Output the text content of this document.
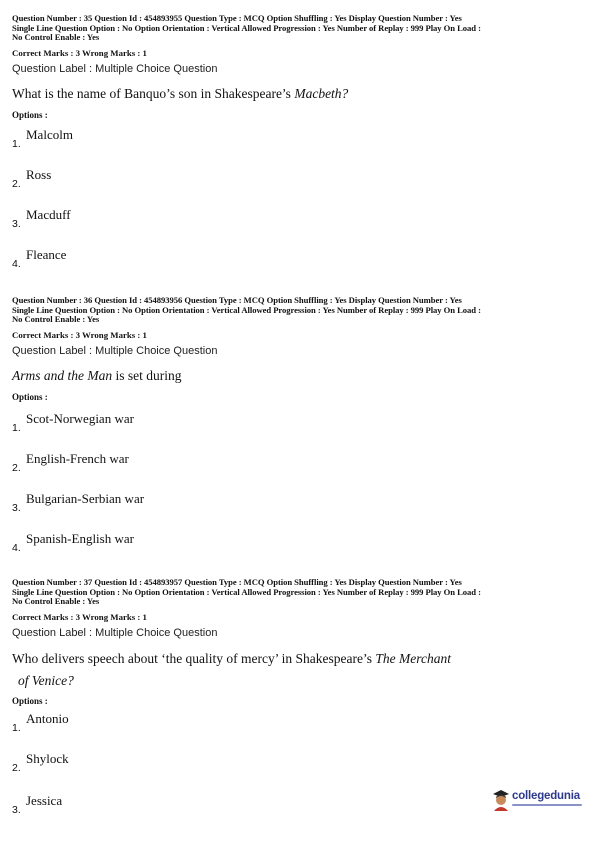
Question Number : 35 Question Id : 454893955 Question Type : MCQ Option Shuffling : Yes Display Question Number : Yes
Single Line Question Option : No Option Orientation : Vertical Allowed Progression : Yes Number of Replay : 999 Play On Load :
No Control Enable : Yes
Correct Marks : 3 Wrong Marks : 1
Question Label : Multiple Choice Question
What is the name of Banquo’s son in Shakespeare’s Macbeth?
Options :
1.
Malcolm
2.
Ross
3.
Macduff
4.
Fleance
Question Number : 36 Question Id : 454893956 Question Type : MCQ Option Shuffling : Yes Display Question Number : Yes
Single Line Question Option : No Option Orientation : Vertical Allowed Progression : Yes Number of Replay : 999 Play On Load :
No Control Enable : Yes
Correct Marks : 3 Wrong Marks : 1
Question Label : Multiple Choice Question
Arms and the Man is set during
Options :
1.
Scot-Norwegian war
2.
English-French war
3.
Bulgarian-Serbian war
4.
Spanish-English war
Question Number : 37 Question Id : 454893957 Question Type : MCQ Option Shuffling : Yes Display Question Number : Yes
Single Line Question Option : No Option Orientation : Vertical Allowed Progression : Yes Number of Replay : 999 Play On Load :
No Control Enable : Yes
Correct Marks : 3 Wrong Marks : 1
Question Label : Multiple Choice Question
Who delivers speech about ‘the quality of mercy’ in Shakespeare’s The Merchant
of Venice?
Options :
1.
Antonio
2.
Shylock
3.
Jessica	collegedunia
